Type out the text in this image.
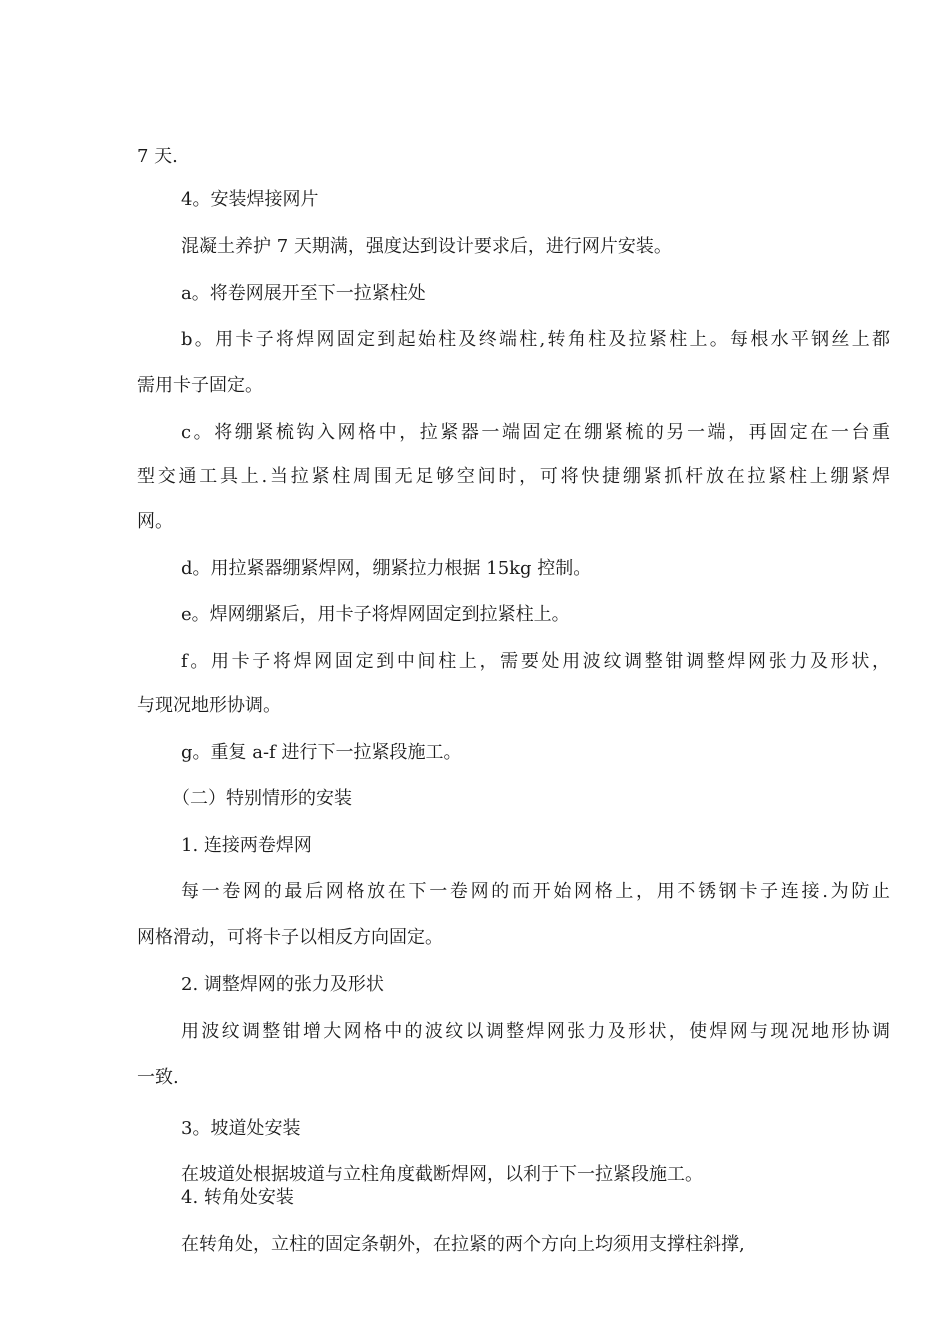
7 天.

4。安装焊接网片

混凝土养护 7 天期满，强度达到设计要求后，进行网片安装。

a。将卷网展开至下一拉紧柱处

b。用卡子将焊网固定到起始柱及终端柱,转角柱及拉紧柱上。每根水平钢丝上都

需用卡子固定。

c。将绷紧梳钩入网格中，拉紧器一端固定在绷紧梳的另一端，再固定在一台重

型交通工具上.当拉紧柱周围无足够空间时，可将快捷绷紧抓杆放在拉紧柱上绷紧焊

网。

d。用拉紧器绷紧焊网，绷紧拉力根据 15kg 控制。

e。焊网绷紧后，用卡子将焊网固定到拉紧柱上。

f。用卡子将焊网固定到中间柱上，需要处用波纹调整钳调整焊网张力及形状，

与现况地形协调。

g。重复 a-f 进行下一拉紧段施工。

（二）特别情形的安装

1. 连接两卷焊网

每一卷网的最后网格放在下一卷网的而开始网格上，用不锈钢卡子连接.为防止

网格滑动，可将卡子以相反方向固定。

2. 调整焊网的张力及形状

用波纹调整钳增大网格中的波纹以调整焊网张力及形状，使焊网与现况地形协调

一致.

3。坡道处安装

在坡道处根据坡道与立柱角度截断焊网，以利于下一拉紧段施工。

4. 转角处安装

在转角处，立柱的固定条朝外，在拉紧的两个方向上均须用支撑柱斜撑,
